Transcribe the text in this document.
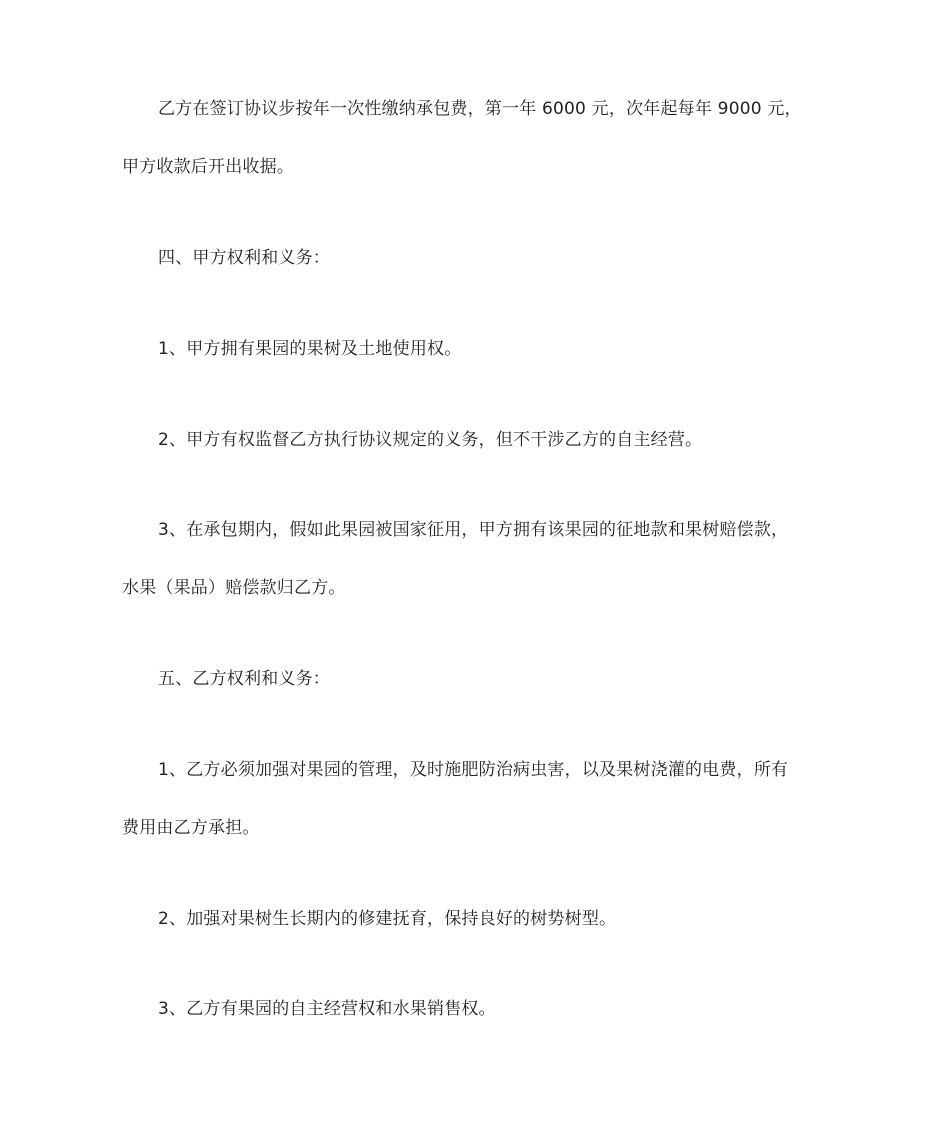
乙方在签订协议步按年一次性缴纳承包费，第一年 6000 元，次年起每年 9000 元，
甲方收款后开出收据。
四、甲方权利和义务：
1、甲方拥有果园的果树及土地使用权。
2、甲方有权监督乙方执行协议规定的义务，但不干涉乙方的自主经营。
3、在承包期内，假如此果园被国家征用，甲方拥有该果园的征地款和果树赔偿款，
水果（果品）赔偿款归乙方。
五、乙方权利和义务：
1、乙方必须加强对果园的管理，及时施肥防治病虫害，以及果树浇灌的电费，所有
费用由乙方承担。
2、加强对果树生长期内的修建抚育，保持良好的树势树型。
3、乙方有果园的自主经营权和水果销售权。
